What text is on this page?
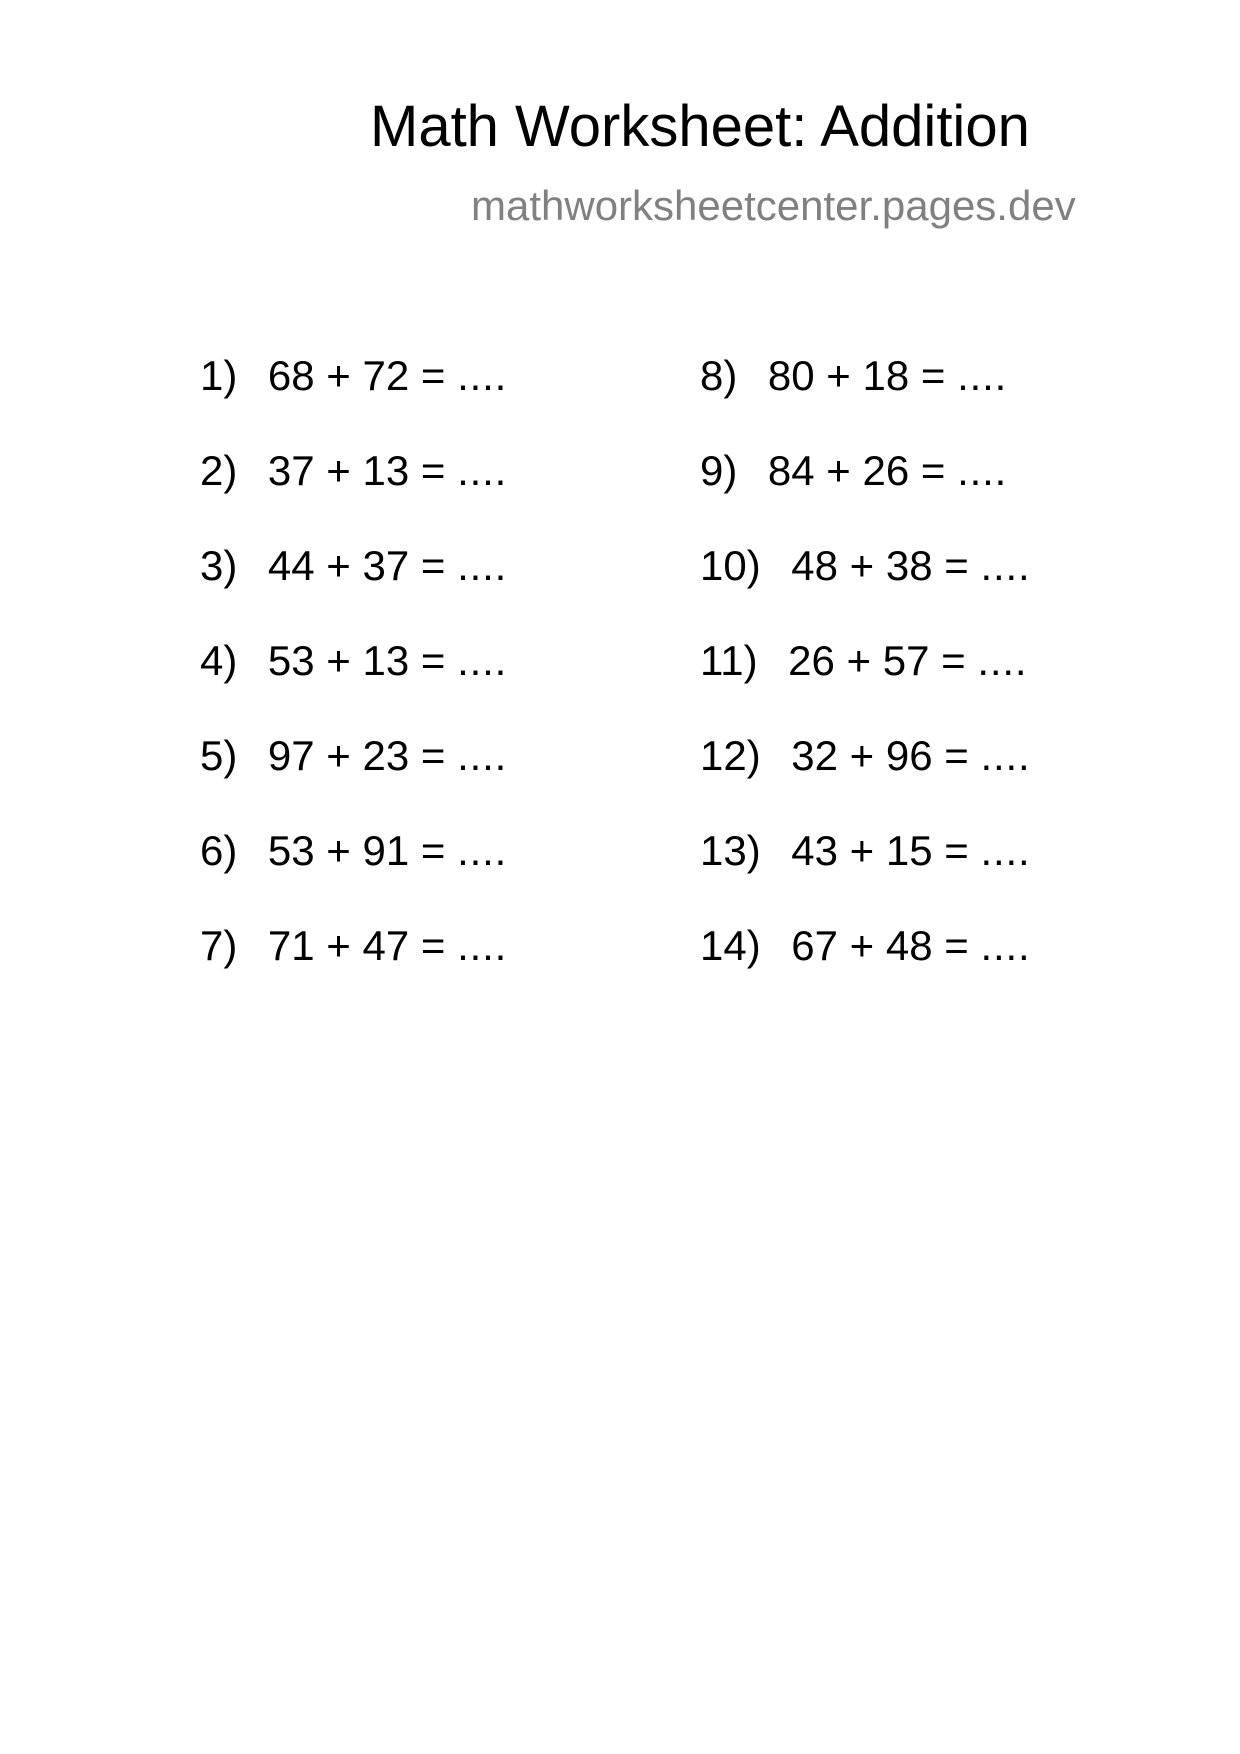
Math Worksheet: Addition
mathworksheetcenter.pages.dev
1) 68 + 72 = ....
2) 37 + 13 = ....
3) 44 + 37 = ....
4) 53 + 13 = ....
5) 97 + 23 = ....
6) 53 + 91 = ....
7) 71 + 47 = ....
8) 80 + 18 = ....
9) 84 + 26 = ....
10) 48 + 38 = ....
11) 26 + 57 = ....
12) 32 + 96 = ....
13) 43 + 15 = ....
14) 67 + 48 = ....
